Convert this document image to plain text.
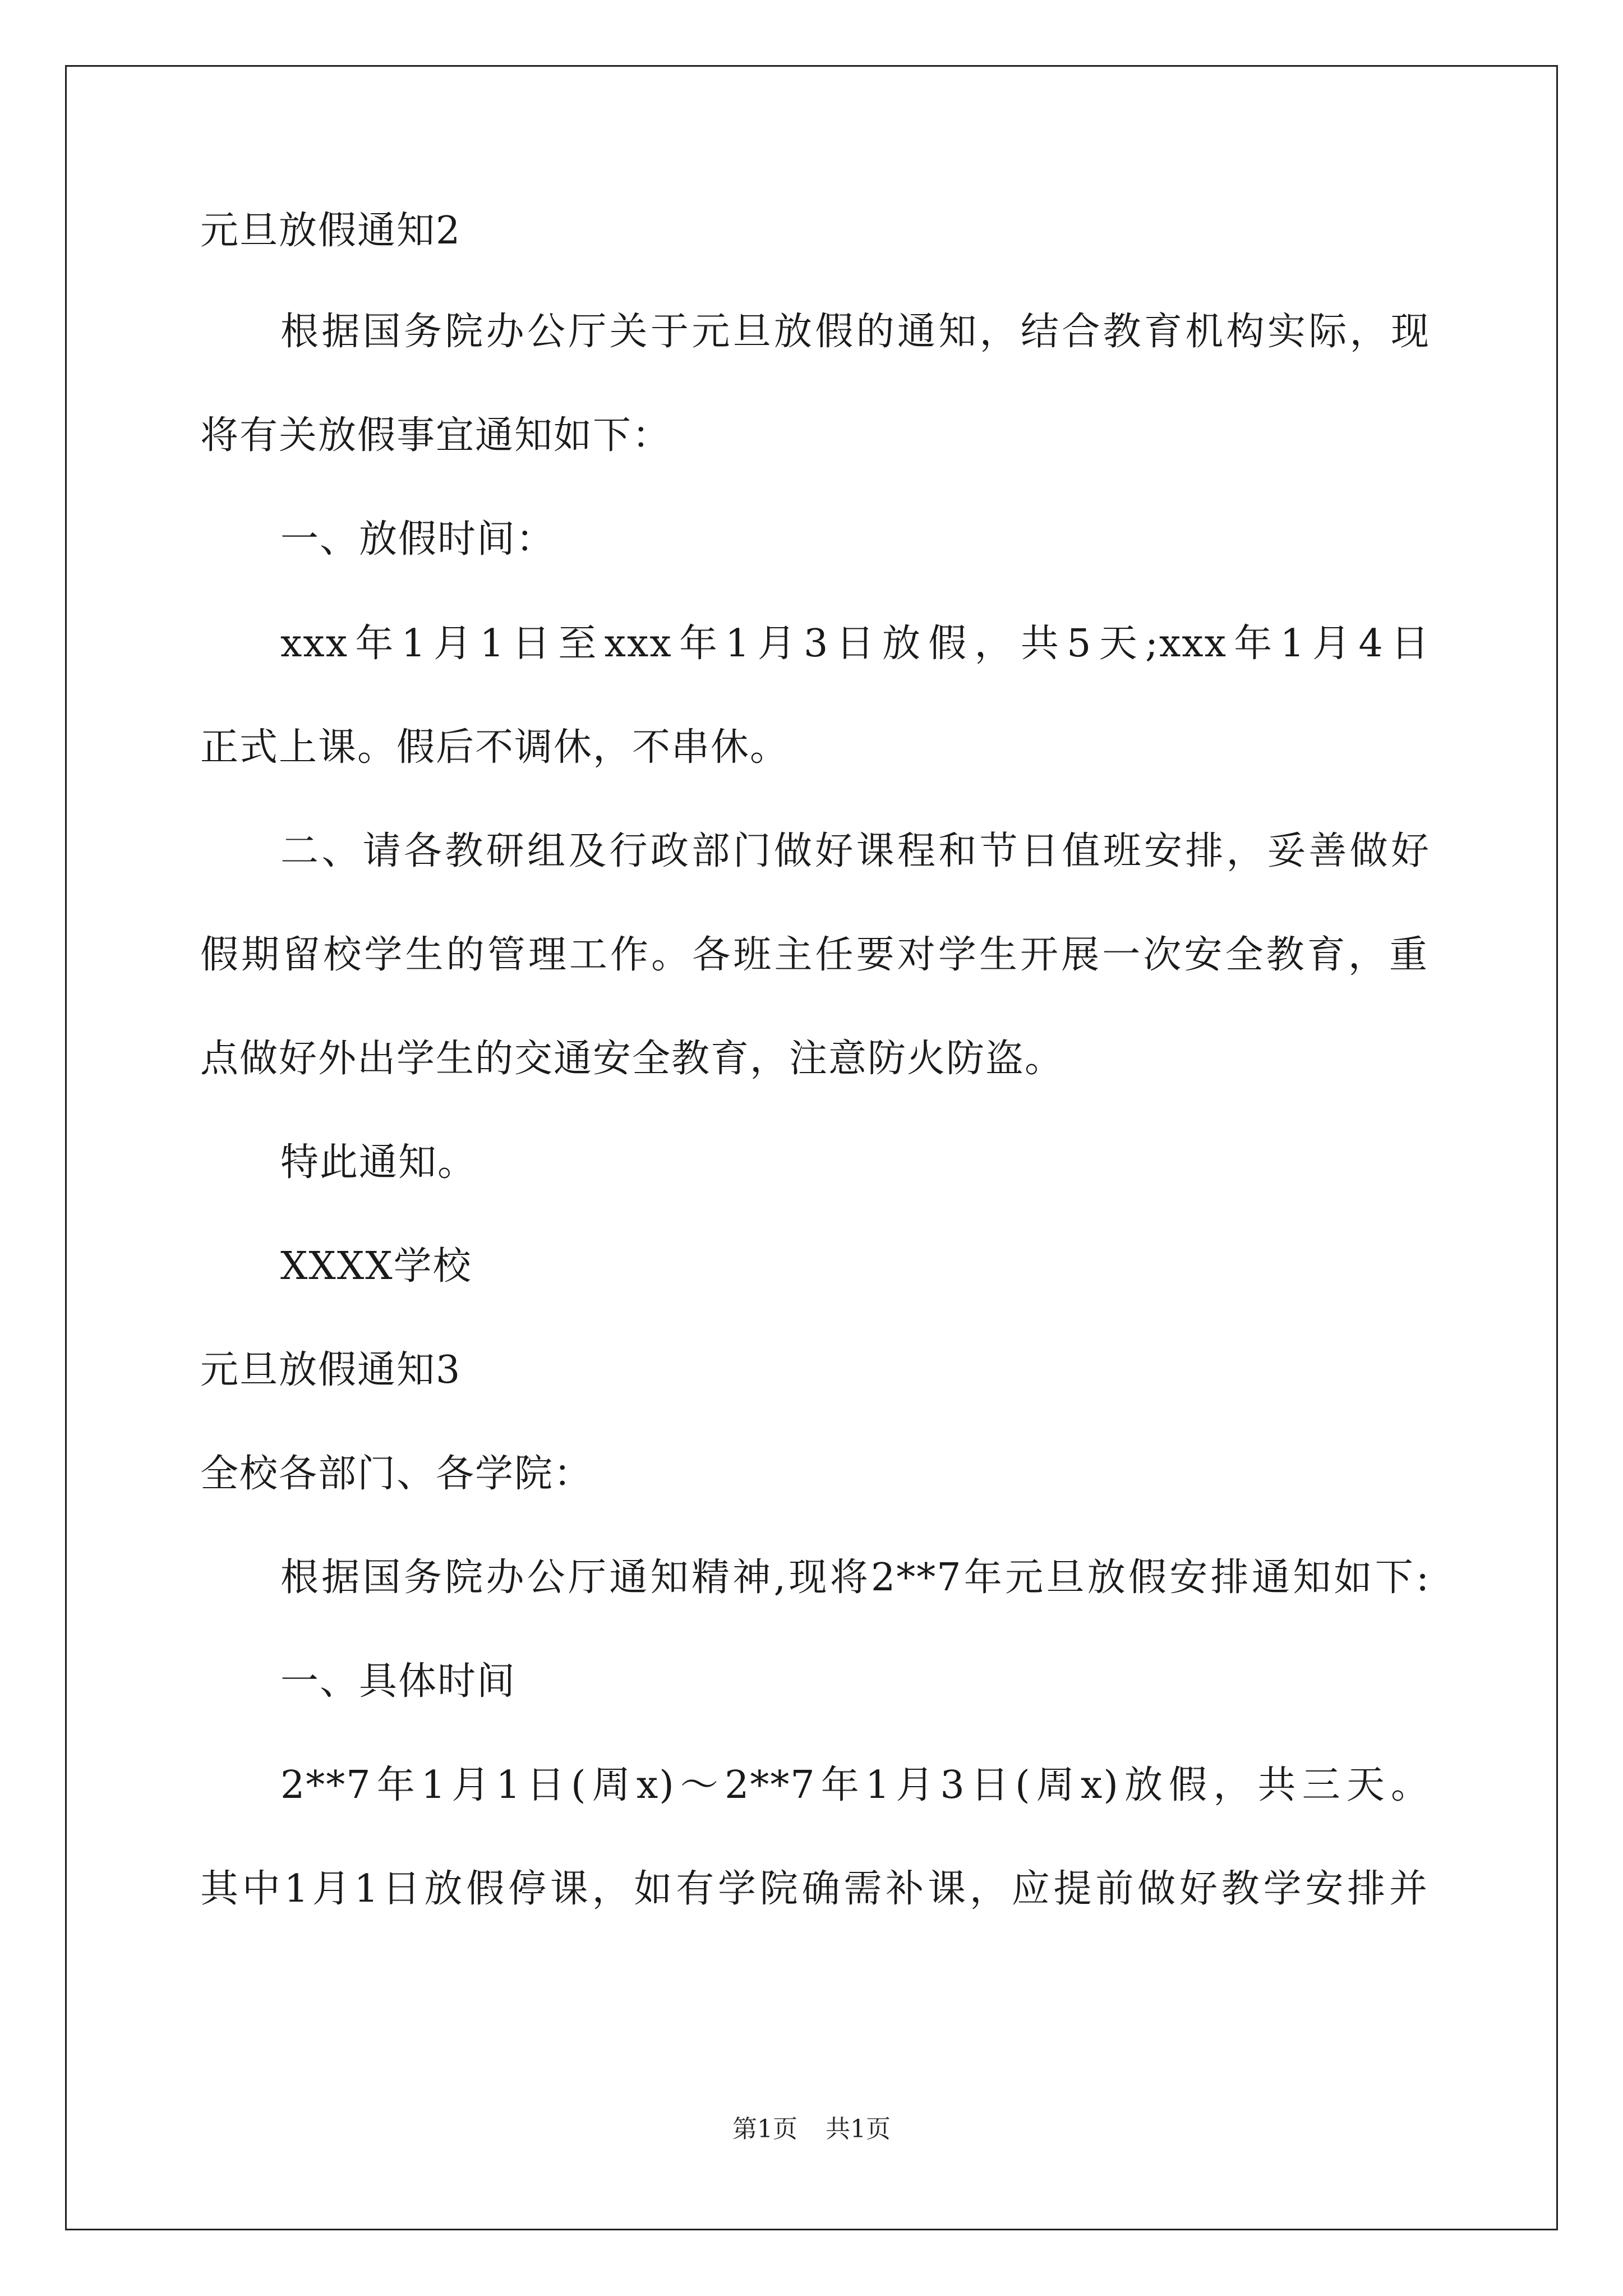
元旦放假通知2
根据国务院办公厅关于元旦放假的通知，结合教育机构实际，现
将有关放假事宜通知如下：
一、放假时间：
xxx年1月1日至xxx年1月3日放假，共5天;xxx年1月4日
正式上课。假后不调休，不串休。
二、请各教研组及行政部门做好课程和节日值班安排，妥善做好
假期留校学生的管理工作。各班主任要对学生开展一次安全教育，重
点做好外出学生的交通安全教育，注意防火防盗。
特此通知。
XXXX学校
元旦放假通知3
全校各部门、各学院：
根据国务院办公厅通知精神,现将2**7年元旦放假安排通知如下:
一、具体时间
2**7年1月1日(周x)～2**7年1月3日(周x)放假，共三天。
其中1月1日放假停课，如有学院确需补课，应提前做好教学安排并
第1页 共1页
